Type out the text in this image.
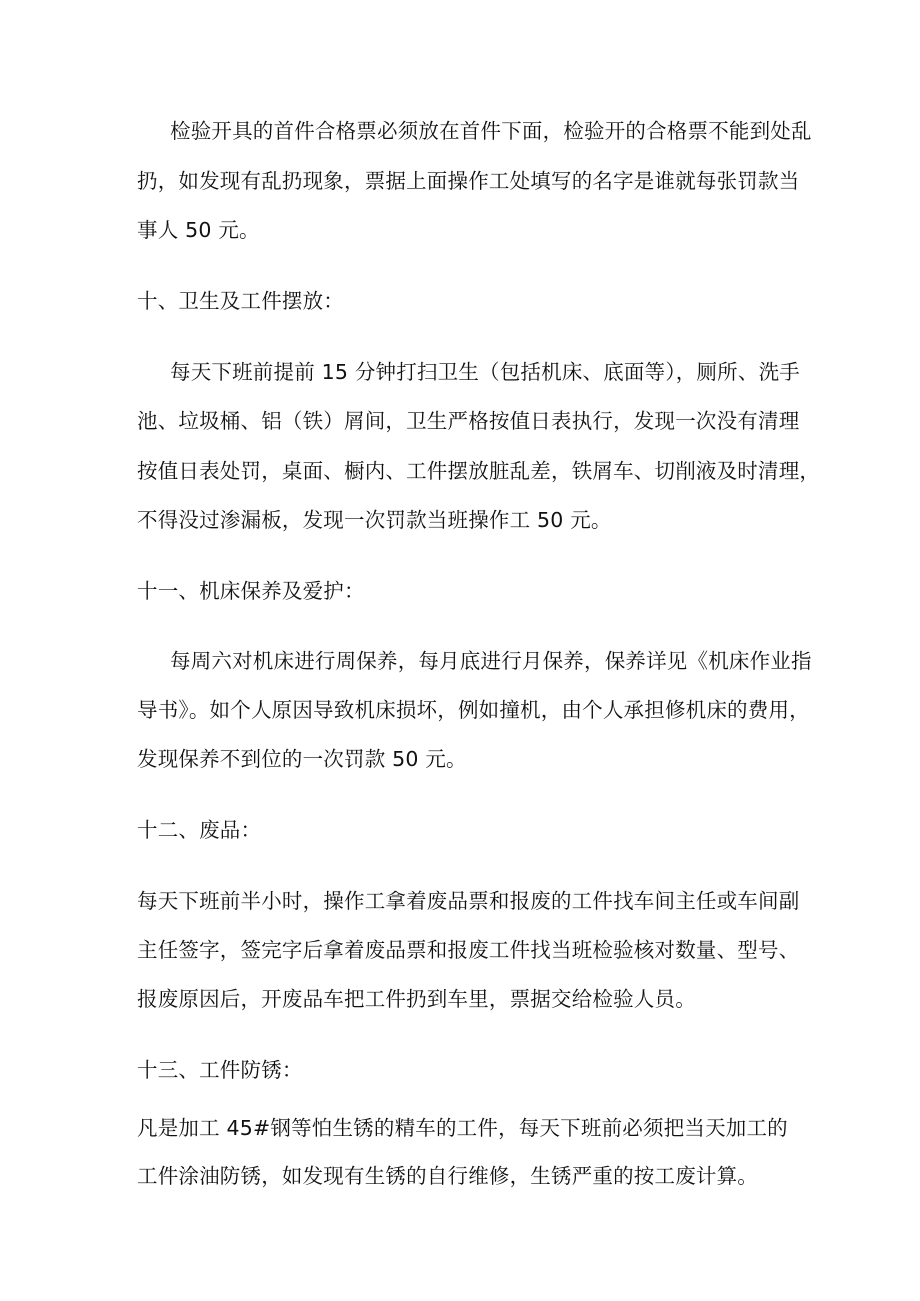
检验开具的首件合格票必须放在首件下面，检验开的合格票不能到处乱
扔，如发现有乱扔现象，票据上面操作工处填写的名字是谁就每张罚款当
事人 50 元。
十、卫生及工件摆放：
每天下班前提前 15 分钟打扫卫生（包括机床、底面等），厕所、洗手
池、垃圾桶、铝（铁）屑间，卫生严格按值日表执行，发现一次没有清理
按值日表处罚，桌面、橱内、工件摆放脏乱差，铁屑车、切削液及时清理，
不得没过渗漏板，发现一次罚款当班操作工 50 元。
十一、机床保养及爱护：
每周六对机床进行周保养，每月底进行月保养，保养详见《机床作业指
导书》。如个人原因导致机床损坏，例如撞机，由个人承担修机床的费用，
发现保养不到位的一次罚款 50 元。
十二、废品：
每天下班前半小时，操作工拿着废品票和报废的工件找车间主任或车间副
主任签字，签完字后拿着废品票和报废工件找当班检验核对数量、型号、
报废原因后，开废品车把工件扔到车里，票据交给检验人员。
十三、工件防锈：
凡是加工 45#钢等怕生锈的精车的工件，每天下班前必须把当天加工的
工件涂油防锈，如发现有生锈的自行维修，生锈严重的按工废计算。
